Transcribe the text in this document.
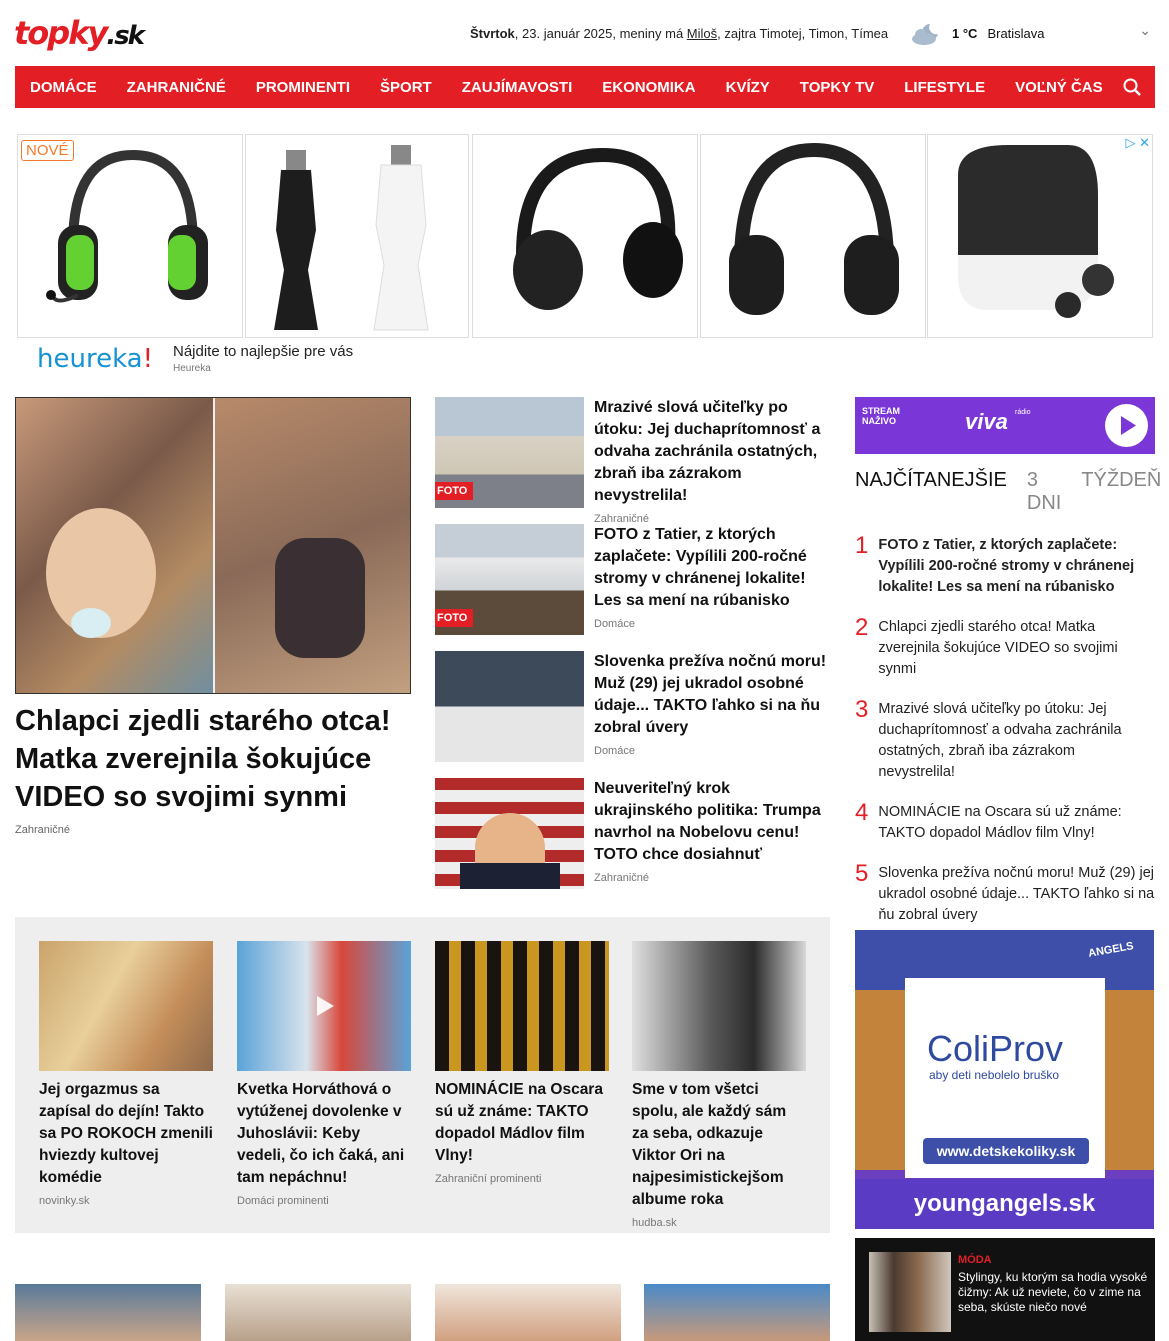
topky.sk	Štvrtok, 23. január 2025, meniny má Miloš, zajtra Timotej, Timon, Tímea	1 °C Bratislava	⌄
DOMÁCE	ZAHRANIČNÉ	PROMINENTI	ŠPORT	ZAUJÍMAVOSTI	EKONOMIKA	KVÍZY	TOPKY TV	LIFESTYLE	VOĽNÝ ČAS
NOVÉ	▷ ✕
heureka! Nájdite to najlepšie pre vás
Heureka
Chlapci zjedli starého otca! Matka zverejnila šokujúce VIDEO so svojimi synmi
Zahraničné
FOTO
Mrazivé slová učiteľky po útoku: Jej duchaprítomnosť a odvaha zachránila ostatných, zbraň iba zázrakom nevystrelila!
Zahraničné
FOTO
FOTO z Tatier, z ktorých zaplačete: Vypílili 200-ročné stromy v chránenej lokalite! Les sa mení na rúbanisko
Domáce
Slovenka prežíva nočnú moru! Muž (29) jej ukradol osobné údaje... TAKTO ľahko si na ňu zobral úvery
Domáce
Neuveriteľný krok ukrajinského politika: Trumpa navrhol na Nobelovu cenu! TOTO chce dosiahnuť
Zahraničné
STREAM
NAŽIVO	viva rádio
NAJČÍTANEJŠIE 3 DNI
TÝŽDEŇ
1 FOTO z Tatier, z ktorých zaplačete: Vypílili 200-ročné stromy v chránenej lokalite! Les sa mení na rúbanisko
2 Chlapci zjedli starého otca! Matka zverejnila šokujúce VIDEO so svojimi synmi
3 Mrazivé slová učiteľky po útoku: Jej duchaprítomnosť a odvaha zachránila ostatných, zbraň iba zázrakom nevystrelila!
4 NOMINÁCIE na Oscara sú už známe: TAKTO dopadol Mádlov film Vlny!
5 Slovenka prežíva nočnú moru! Muž (29) jej ukradol osobné údaje... TAKTO ľahko si na ňu zobral úvery
Jej orgazmus sa zapísal do dejín! Takto sa PO ROKOCH zmenili hviezdy kultovej komédie
novinky.sk
Kvetka Horváthová o vytúženej dovolenke v Juhoslávii: Keby vedeli, čo ich čaká, ani tam nepáchnu!
Domáci prominenti
NOMINÁCIE na Oscara sú už známe: TAKTO dopadol Mádlov film Vlny!
Zahraniční prominenti
Sme v tom všetci spolu, ale každý sám za seba, odkazuje Viktor Ori na najpesimistickejšom albume roka
hudba.sk
ANGELS
ColiProv
aby deti nebolelo bruško
www.detskekoliky.sk
youngangels.sk
MÓDA
Stylingy, ku ktorým sa hodia vysoké čižmy: Ak už neviete, čo v zime na seba, skúste niečo nové
